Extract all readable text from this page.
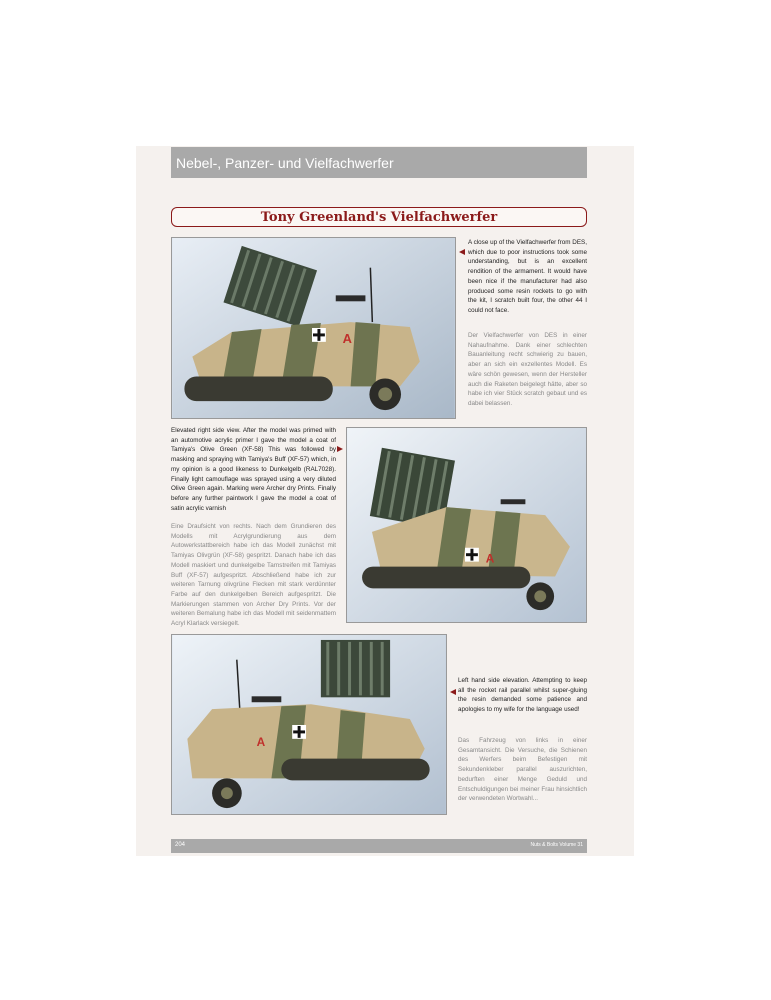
Nebel-, Panzer- und Vielfachwerfer
Tony Greenland's Vielfachwerfer
A
A close up of the Vielfachwerfer from DES, which due to poor instructions took some understanding, but is an excellent rendition of the armament. It would have been nice if the manufacturer had also produced some resin rockets to go with the kit, I scratch built four, the other 44 I could not face.
Der Vielfachwerfer von DES in einer Nahaufnahme. Dank einer schlechten Bauanleitung recht schwierig zu bauen, aber an sich ein exzellentes Modell. Es wäre schön gewesen, wenn der Hersteller auch die Raketen beigelegt hätte, aber so habe ich vier Stück scratch gebaut und es dabei belassen.
Elevated right side view. After the model was primed with an automotive acrylic primer I gave the model a coat of Tamiya's Olive Green (XF-58) This was followed by masking and spraying with Tamiya's Buff (XF-57) which, in my opinion is a good likeness to Dunkelgelb (RAL7028). Finally light camouflage was sprayed using a very diluted Olive Green again. Marking were Archer dry Prints. Finally before any further paintwork I gave the model a coat of satin acrylic varnish
Eine Draufsicht von rechts. Nach dem Grundieren des Modells mit Acrylgrundierung aus dem Autowerkstattbereich habe ich das Modell zunächst mit Tamiyas Olivgrün (XF-58) gespritzt. Danach habe ich das Modell maskiert und dunkelgelbe Tarnstreifen mit Tamiyas Buff (XF-57) aufgespritzt. Abschließend habe ich zur weiteren Tarnung olivgrüne Flecken mit stark verdünnter Farbe auf den dunkelgelben Bereich aufgespritzt. Die Markierungen stammen von Archer Dry Prints. Vor der weiteren Bemalung habe ich das Modell mit seidenmattem Acryl Klarlack versiegelt.
A
A
Left hand side elevation. Attempting to keep all the rocket rail parallel whilst super-gluing the resin demanded some patience and apologies to my wife for the language used!
Das Fahrzeug von links in einer Gesamtansicht. Die Versuche, die Schienen des Werfers beim Befestigen mit Sekundenkleber parallel auszurichten, bedurften einer Menge Geduld und Entschuldigungen bei meiner Frau hinsichtlich der verwendeten Wortwahl...
204	Nuts & Bolts Volume 31
